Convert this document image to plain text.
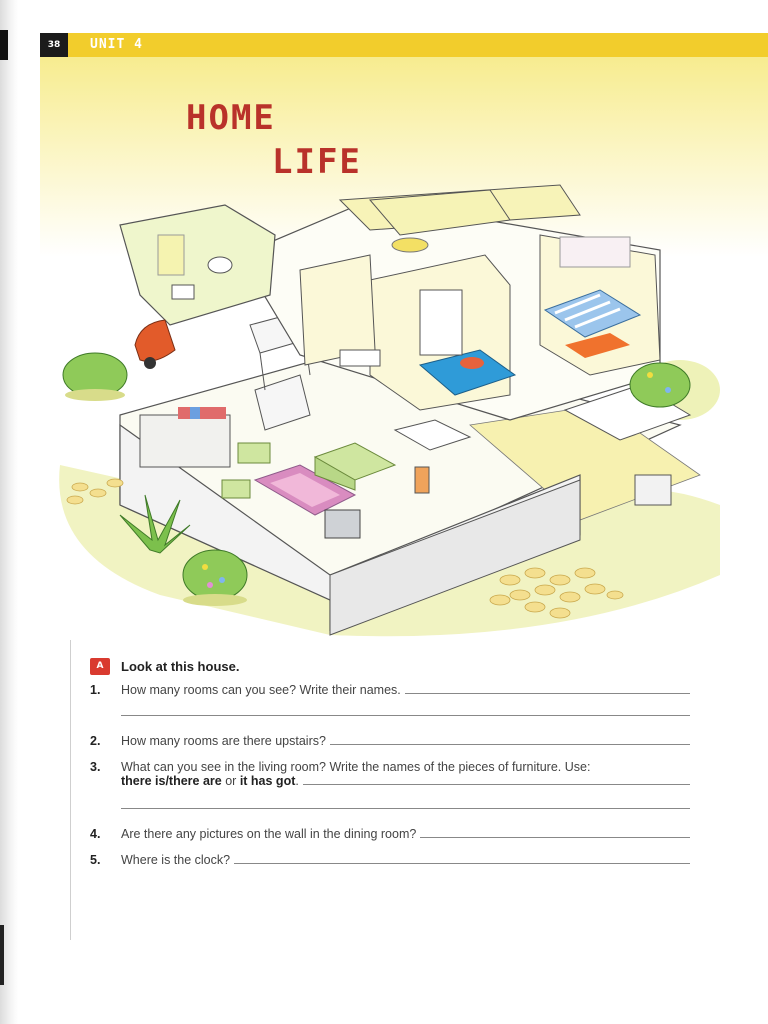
38	UNIT 4
HOME
LIFE
A	Look at this house.
1.	How many rooms can you see? Write their names.
2.	How many rooms are there upstairs?
3.	What can you see in the living room? Write the names of the pieces of furniture. Use:
there is/there are or it has got .
4.	Are there any pictures on the wall in the dining room?
5.	Where is the clock?
